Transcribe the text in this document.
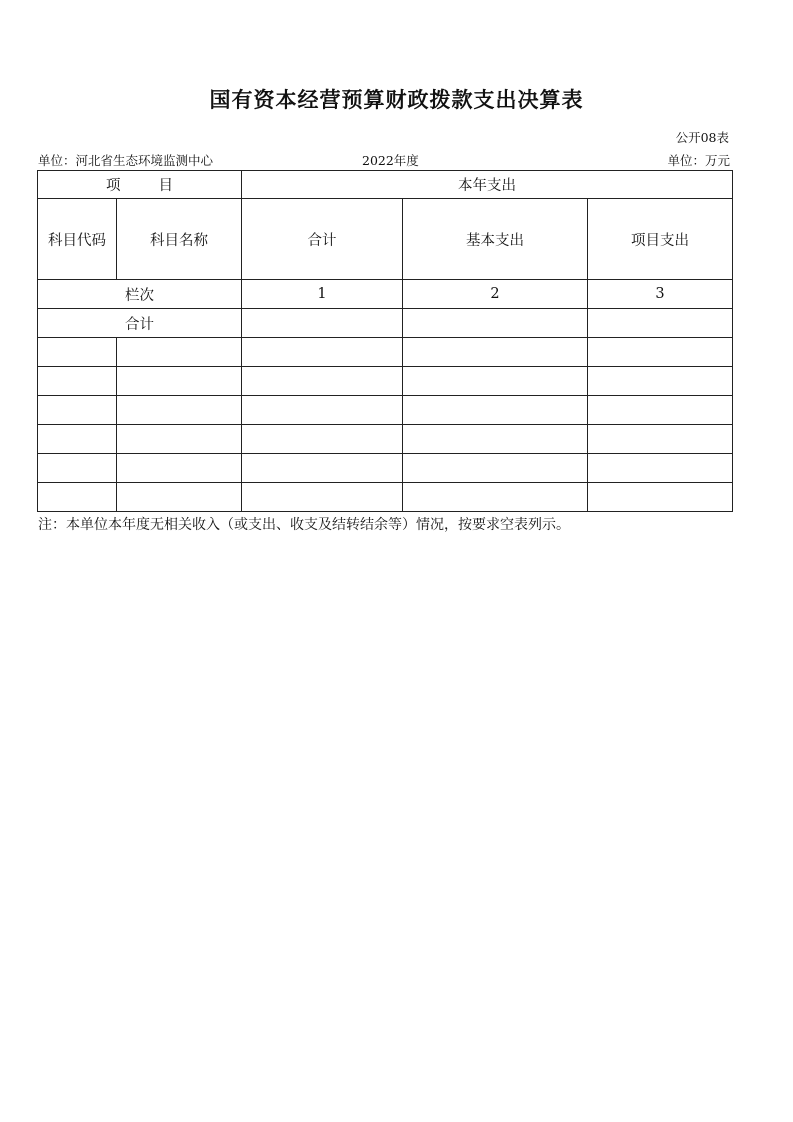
国有资本经营预算财政拨款支出决算表
公开08表
单位：河北省生态环境监测中心	2022年度	单位：万元
项 目		本年支出		
科目代码	科目名称	合计	基本支出	项目支出
栏次		1	2	3
合计				

注：本单位本年度无相关收入（或支出、收支及结转结余等）情况，按要求空表列示。
